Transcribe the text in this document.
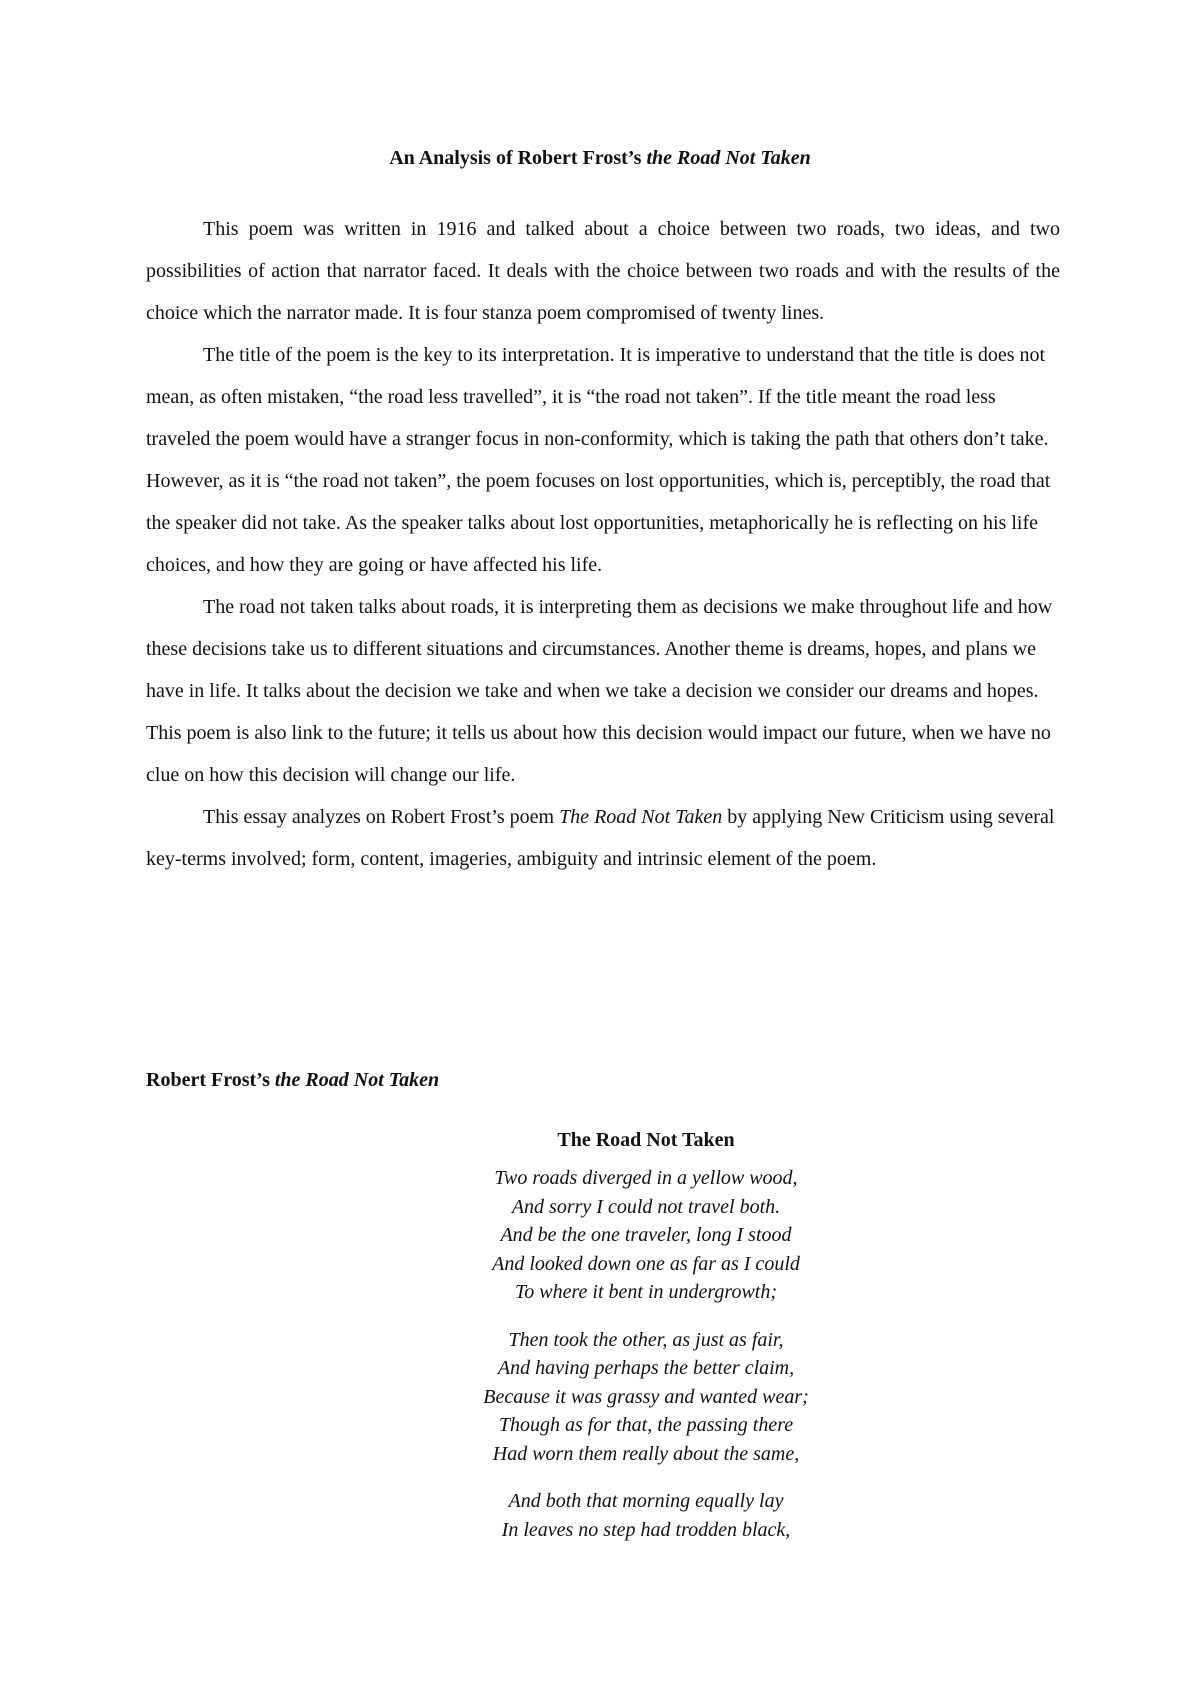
An Analysis of Robert Frost’s the Road Not Taken

This poem was written in 1916 and talked about a choice between two roads, two ideas, and two possibilities of action that narrator faced. It deals with the choice between two roads and with the results of the choice which the narrator made. It is four stanza poem compromised of twenty lines.

The title of the poem is the key to its interpretation. It is imperative to understand that the title is does not mean, as often mistaken, “the road less travelled”, it is “the road not taken”. If the title meant the road less traveled the poem would have a stranger focus in non-conformity, which is taking the path that others don’t take. However, as it is “the road not taken”, the poem focuses on lost opportunities, which is, perceptibly, the road that the speaker did not take. As the speaker talks about lost opportunities, metaphorically he is reflecting on his life choices, and how they are going or have affected his life.

The road not taken talks about roads, it is interpreting them as decisions we make throughout life and how these decisions take us to different situations and circumstances. Another theme is dreams, hopes, and plans we have in life. It talks about the decision we take and when we take a decision we consider our dreams and hopes. This poem is also link to the future; it tells us about how this decision would impact our future, when we have no clue on how this decision will change our life.

This essay analyzes on Robert Frost’s poem The Road Not Taken by applying New Criticism using several key-terms involved; form, content, imageries, ambiguity and intrinsic element of the poem.

Robert Frost’s the Road Not Taken
The Road Not Taken
Two roads diverged in a yellow wood,
And sorry I could not travel both.
And be the one traveler, long I stood
And looked down one as far as I could
To where it bent in undergrowth;
Then took the other, as just as fair,
And having perhaps the better claim,
Because it was grassy and wanted wear;
Though as for that, the passing there
Had worn them really about the same,
And both that morning equally lay
In leaves no step had trodden black,
